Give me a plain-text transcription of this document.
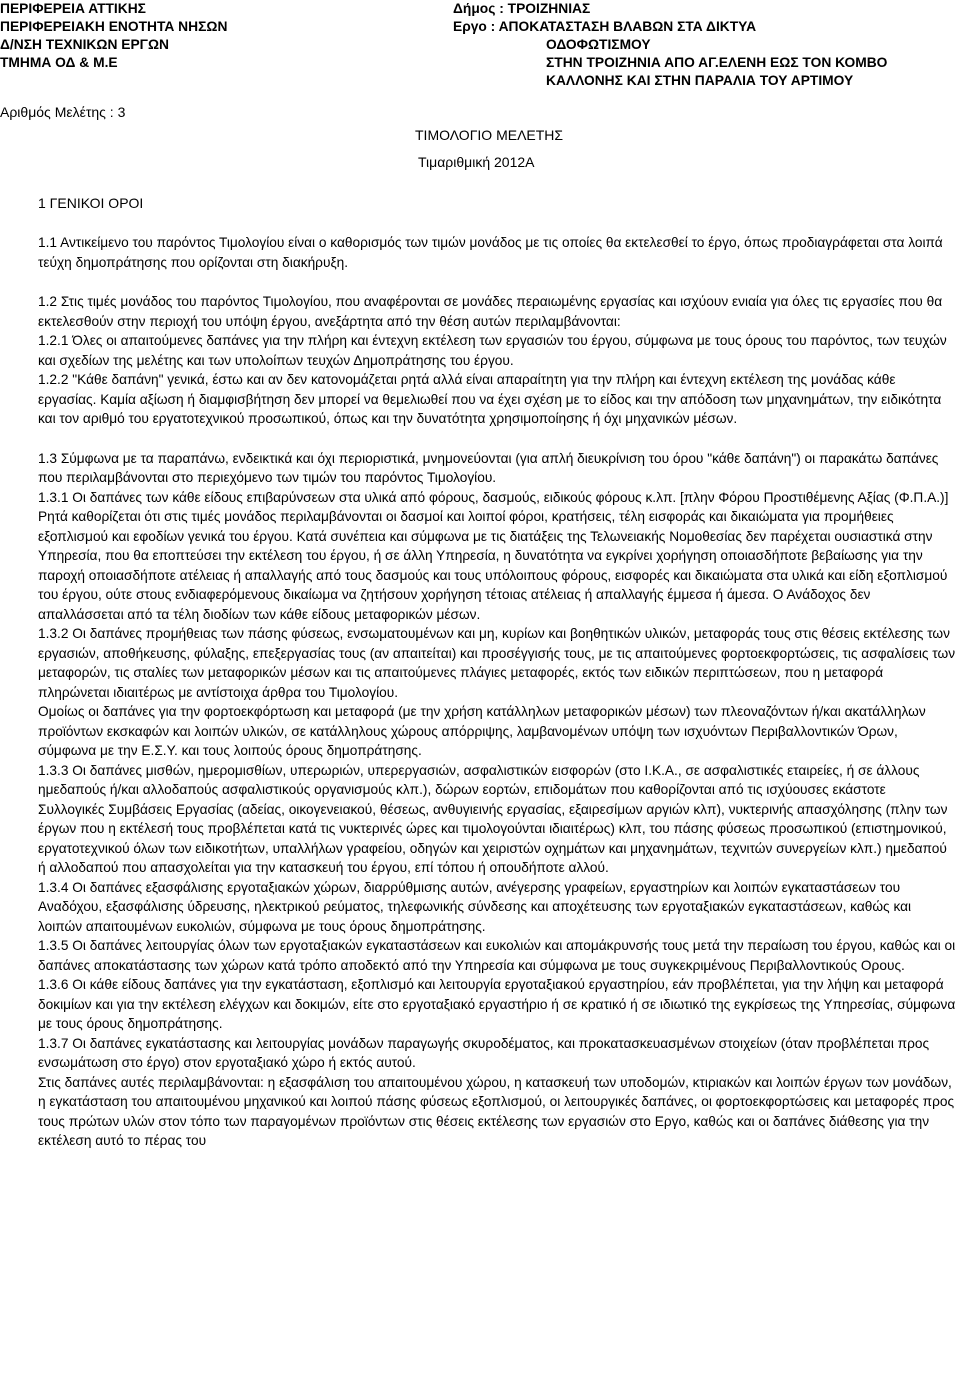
ΠΕΡΙΦΕΡΕΙΑ ΑΤΤΙΚΗΣ
ΠΕΡΙΦΕΡΕΙΑΚΗ ΕΝΟΤΗΤΑ ΝΗΣΩΝ
Δ/ΝΣΗ ΤΕΧΝΙΚΩΝ ΕΡΓΩΝ
ΤΜΗΜΑ ΟΔ & Μ.Ε
Αριθμός Μελέτης : 3
Δήμος : ΤΡΟΙΖΗΝΙΑΣ
Εργο : ΑΠΟΚΑΤΑΣΤΑΣΗ ΒΛΑΒΩΝ ΣΤΑ ΔΙΚΤΥΑ
ΟΔΟΦΩΤΙΣΜΟΥ
ΣΤΗΝ ΤΡΟΙΖΗΝΙΑ ΑΠΟ ΑΓ.ΕΛΕΝΗ ΕΩΣ ΤΟΝ ΚΟΜΒΟ
ΚΑΛΛΟΝΗΣ ΚΑΙ ΣΤΗΝ ΠΑΡΑΛΙΑ ΤΟΥ ΑΡΤΙΜΟΥ
ΤΙΜΟΛΟΓΙΟ ΜΕΛΕΤΗΣ
Τιμαριθμική 2012Α
1 ΓΕΝΙΚΟΙ ΟΡΟΙ

1.1 Αντικείμενο του παρόντος Τιμολογίου είναι ο καθορισμός των τιμών μονάδος με τις οποίες θα εκτελεσθεί το έργο, όπως προδιαγράφεται στα λοιπά τεύχη δημοπράτησης που ορίζονται στη διακήρυξη.

1.2 Στις τιμές μονάδος του παρόντος Τιμολογίου, που αναφέρονται σε μονάδες περαιωμένης εργασίας και ισχύουν ενιαία για όλες τις εργασίες που θα εκτελεσθούν στην περιοχή του υπόψη έργου, ανεξάρτητα από την θέση αυτών περιλαμβάνονται:

1.2.1 Όλες οι απαιτούμενες δαπάνες για την πλήρη και έντεχνη εκτέλεση των εργασιών του έργου, σύμφωνα με τους όρους του παρόντος, των τευχών και σχεδίων της μελέτης και των υπολοίπων τευχών Δημοπράτησης του έργου.

1.2.2 "Κάθε δαπάνη" γενικά, έστω και αν δεν κατονομάζεται ρητά αλλά είναι απαραίτητη για την πλήρη και έντεχνη εκτέλεση της μονάδας κάθε εργασίας. Καμία αξίωση ή διαμφισβήτηση δεν μπορεί να θεμελιωθεί που να έχει σχέση με το είδος και την απόδοση των μηχανημάτων, την ειδικότητα και τον αριθμό του εργατοτεχνικού προσωπικού, όπως και την δυνατότητα χρησιμοποίησης ή όχι μηχανικών μέσων.

1.3 Σύμφωνα με τα παραπάνω, ενδεικτικά και όχι περιοριστικά, μνημονεύονται (για απλή διευκρίνιση του όρου "κάθε δαπάνη") οι παρακάτω δαπάνες που περιλαμβάνονται στο περιεχόμενο των τιμών του παρόντος Τιμολογίου.

1.3.1 Οι δαπάνες των κάθε είδους επιβαρύνσεων στα υλικά από φόρους, δασμούς, ειδικούς φόρους κ.λπ. [πλην Φόρου Προστιθέμενης Αξίας (Φ.Π.Α.)]

Ρητά καθορίζεται ότι στις τιμές μονάδος περιλαμβάνονται οι δασμοί και λοιποί φόροι, κρατήσεις, τέλη εισφοράς και δικαιώματα για προμήθειες εξοπλισμού και εφοδίων γενικά του έργου. Κατά συνέπεια και σύμφωνα με τις διατάξεις της Τελωνειακής Νομοθεσίας δεν παρέχεται ουσιαστικά στην Υπηρεσία, που θα εποπτεύσει την εκτέλεση του έργου, ή σε άλλη Υπηρεσία, η δυνατότητα να εγκρίνει χορήγηση οποιασδήποτε βεβαίωσης για την παροχή οποιασδήποτε ατέλειας ή απαλλαγής από τους δασμούς και τους υπόλοιπους φόρους, εισφορές και δικαιώματα στα υλικά και είδη εξοπλισμού του έργου, ούτε στους ενδιαφερόμενους δικαίωμα να ζητήσουν χορήγηση τέτοιας ατέλειας ή απαλλαγής έμμεσα ή άμεσα. Ο Ανάδοχος δεν απαλλάσσεται από τα τέλη διοδίων των κάθε είδους μεταφορικών μέσων.

1.3.2 Οι δαπάνες προμήθειας των πάσης φύσεως, ενσωματουμένων και μη, κυρίων και βοηθητικών υλικών, μεταφοράς τους στις θέσεις εκτέλεσης των εργασιών, αποθήκευσης, φύλαξης, επεξεργασίας τους (αν απαιτείται) και προσέγγισής τους, με τις απαιτούμενες φορτοεκφορτώσεις, τις ασφαλίσεις των μεταφορών, τις σταλίες των μεταφορικών μέσων και τις απαιτούμενες πλάγιες μεταφορές, εκτός των ειδικών περιπτώσεων, που η μεταφορά πληρώνεται ιδιαιτέρως με αντίστοιχα άρθρα του Τιμολογίου.

Ομοίως οι δαπάνες για την φορτοεκφόρτωση και μεταφορά (με την χρήση κατάλληλων μεταφορικών μέσων) των πλεοναζόντων ή/και ακατάλληλων προϊόντων εκσκαφών και λοιπών υλικών, σε κατάλληλους χώρους απόρριψης, λαμβανομένων υπόψη των ισχυόντων Περιβαλλοντικών Όρων, σύμφωνα με την Ε.Σ.Υ. και τους λοιπούς όρους δημοπράτησης.

1.3.3 Οι δαπάνες μισθών, ημερομισθίων, υπερωριών, υπερεργασιών, ασφαλιστικών εισφορών (στο Ι.Κ.Α., σε ασφαλιστικές εταιρείες, ή σε άλλους ημεδαπούς ή/και αλλοδαπούς ασφαλιστικούς οργανισμούς κλπ.), δώρων εορτών, επιδομάτων που καθορίζονται από τις ισχύουσες εκάστοτε Συλλογικές Συμβάσεις Εργασίας (αδείας, οικογενειακού, θέσεως, ανθυγιεινής εργασίας, εξαιρεσίμων αργιών κλπ), νυκτερινής απασχόλησης (πλην των έργων που η εκτέλεσή τους προβλέπεται κατά τις νυκτερινές ώρες και τιμολογούνται ιδιαιτέρως) κλπ, του πάσης φύσεως προσωπικού (επιστημονικού, εργατοτεχνικού όλων των ειδικοτήτων, υπαλλήλων γραφείου, οδηγών και χειριστών οχημάτων και μηχανημάτων, τεχνιτών συνεργείων κλπ.) ημεδαπού ή αλλοδαπού που απασχολείται για την κατασκευή του έργου, επί τόπου ή οπουδήποτε αλλού.

1.3.4 Οι δαπάνες εξασφάλισης εργοταξιακών χώρων, διαρρύθμισης αυτών, ανέγερσης γραφείων, εργαστηρίων και λοιπών εγκαταστάσεων του Αναδόχου, εξασφάλισης ύδρευσης, ηλεκτρικού ρεύματος, τηλεφωνικής σύνδεσης και αποχέτευσης των εργοταξιακών εγκαταστάσεων, καθώς και λοιπών απαιτουμένων ευκολιών, σύμφωνα με τους όρους δημοπράτησης.

1.3.5 Οι δαπάνες λειτουργίας όλων των εργοταξιακών εγκαταστάσεων και ευκολιών και απομάκρυνσής τους μετά την περαίωση του έργου, καθώς και οι δαπάνες αποκατάστασης των χώρων κατά τρόπο αποδεκτό από την Υπηρεσία και σύμφωνα με τους συγκεκριμένους Περιβαλλοντικούς Ορους.

1.3.6 Οι κάθε είδους δαπάνες για την εγκατάσταση, εξοπλισμό και λειτουργία εργοταξιακού εργαστηρίου, εάν προβλέπεται, για την λήψη και μεταφορά δοκιμίων και για την εκτέλεση ελέγχων και δοκιμών, είτε στο εργοταξιακό εργαστήριο ή σε κρατικό ή σε ιδιωτικό της εγκρίσεως της Υπηρεσίας, σύμφωνα με τους όρους δημοπράτησης.

1.3.7 Οι δαπάνες εγκατάστασης και λειτουργίας μονάδων παραγωγής σκυροδέματος, και προκατασκευασμένων στοιχείων (όταν προβλέπεται προς ενσωμάτωση στο έργο) στον εργοταξιακό χώρο ή εκτός αυτού.

Στις δαπάνες αυτές περιλαμβάνονται: η εξασφάλιση του απαιτουμένου χώρου, η κατασκευή των υποδομών, κτιριακών και λοιπών έργων των μονάδων, η εγκατάσταση του απαιτουμένου μηχανικού και λοιπού πάσης φύσεως εξοπλισμού, οι λειτουργικές δαπάνες, οι φορτοεκφορτώσεις και μεταφορές προς τους πρώτων υλών στον τόπο των παραγομένων προϊόντων στις θέσεις εκτέλεσης των εργασιών στο Εργο, καθώς και οι δαπάνες διάθεσης για την εκτέλεση αυτό το πέρας του
